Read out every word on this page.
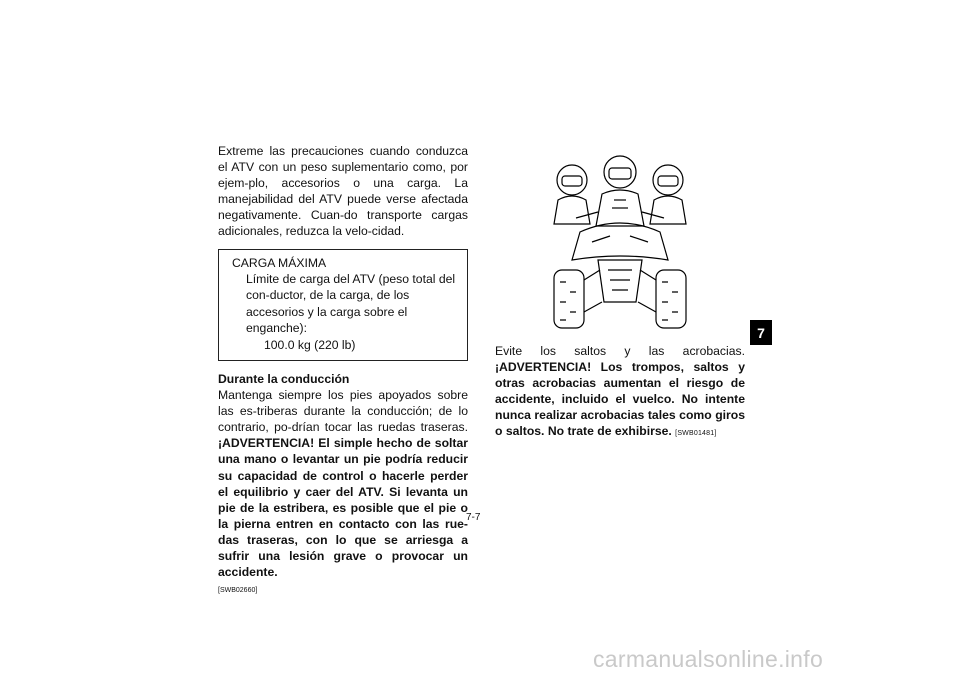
Extreme las precauciones cuando conduzca el ATV con un peso suplementario como, por ejem-plo, accesorios o una carga. La manejabilidad del ATV puede verse afectada negativamente. Cuan-do transporte cargas adicionales, reduzca la velo-cidad.

CARGA MÁXIMA
Límite de carga del ATV (peso total del con-ductor, de la carga, de los accesorios y la carga sobre el enganche):
100.0 kg (220 lb)
Durante la conducción

Mantenga siempre los pies apoyados sobre las es-triberas durante la conducción; de lo contrario, po-drían tocar las ruedas traseras. ¡ADVERTENCIA! El simple hecho de soltar una mano o levantar un pie podría reducir su capacidad de control o hacerle perder el equilibrio y caer del ATV. Si levanta un pie de la estribera, es posible que el pie o la pierna entren en contacto con las rue-das traseras, con lo que se arriesga a sufrir una lesión grave o provocar un accidente.
[SWB02660]

Evite los saltos y las acrobacias. ¡ADVERTENCIA! Los trompos, saltos y otras acrobacias aumentan el riesgo de accidente, incluido el vuelco. No intente nunca realizar acrobacias tales como giros o saltos. No trate de exhibirse. [SWB01481]

7
7-7
carmanualsonline.info
